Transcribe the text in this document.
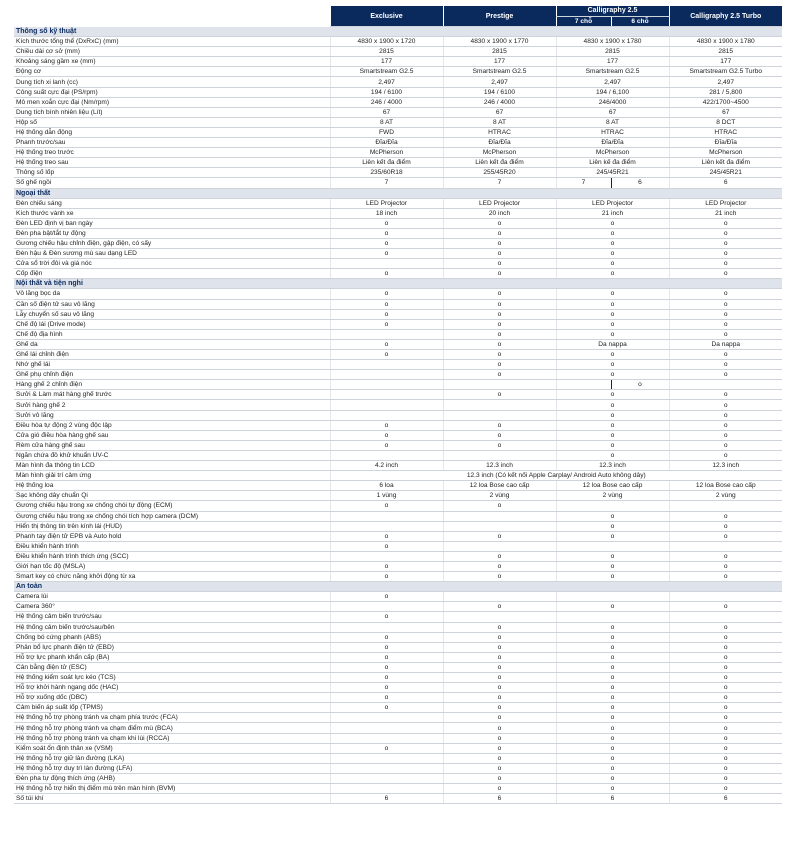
	Exclusive	Prestige	Calligraphy 2.5		Calligraphy 2.5 Turbo
			7 chỗ	6 chỗ	
Thông số kỹ thuật					
Kích thước tổng thể (DxRxC) (mm)	4830 x 1900 x 1720	4830 x 1900 x 1770	4830 x 1900 x 1780		4830 x 1900 x 1780
Chiều dài cơ sở (mm)	2815	2815	2815		2815
Khoảng sáng gầm xe (mm)	177	177	177		177
Động cơ	Smartstream G2.5	Smartstream G2.5	Smartstream G2.5		Smartstream G2.5 Turbo
Dung tích xi lanh (cc)	2,497	2,497	2,497		2,497
Công suất cực đại (PS/rpm)	194 / 6100	194 / 6100	194 / 6,100		281 / 5,800
Mô men xoắn cực đại (Nm/rpm)	246 / 4000	246 / 4000	246/4000		422/1700~4500
Dung tích bình nhiên liệu (Lít)	67	67	67		67
Hộp số	8 AT	8 AT	8 AT		8 DCT
Hệ thống dẫn động	FWD	HTRAC	HTRAC		HTRAC
Phanh trước/sau	Đĩa/Đĩa	Đĩa/Đĩa	Đĩa/Đĩa		Đĩa/Đĩa
Hệ thống treo trước	McPherson	McPherson	McPherson		McPherson
Hệ thống treo sau	Liên kết đa điểm	Liên kết đa điểm	Liên kế đa điểm		Liên kết đa điểm
Thông số lốp	235/60R18	255/45R20	245/45R21		245/45R21
Số ghế ngồi	7	7	7	6	6
Ngoại thất					
Đèn chiếu sáng	LED Projector	LED Projector	LED Projector		LED Projector
Kích thước vành xe	18 inch	20 inch	21 inch		21 inch
Đèn LED định vị ban ngày	o	o	o		o
Đèn pha bật/tắt tự động	o	o	o		o
Gương chiếu hậu chỉnh điện, gập điện, có sấy	o	o	o		o
Đèn hậu & Đèn sương mù sau dạng LED	o	o	o		o
Cửa sổ trời đôi và giá nóc		o	o		o
Cốp điện	o	o	o		o
Nội thất và tiện nghi					
Vô lăng bọc da	o	o	o		o
Cần số điện tử sau vô lăng	o	o	o		o
Lẫy chuyển số sau vô lăng	o	o	o		o
Chế độ lái (Drive mode)	o	o	o		o
Chế độ địa hình		o	o		o
Ghế da	o	o	Da nappa		Da nappa
Ghế lái chỉnh điện	o	o	o		o
Nhớ ghế lái		o	o		o
Ghế phụ chỉnh điện		o	o		o
Hàng ghế 2 chỉnh điện				o	
Sưởi & Làm mát hàng ghế trước		o	o		o
Sưởi hàng ghế 2			o		o
Sưởi vô lăng			o		o
Điều hòa tự động 2 vùng độc lập	o	o	o		o
Cửa gió điều hòa hàng ghế sau	o	o	o		o
Rèm cửa hàng ghế sau	o	o	o		o
Ngăn chứa đồ khử khuẩn UV-C			o		o
Màn hình đa thông tin LCD	4.2 inch	12.3 inch	12.3 inch		12.3 inch
Màn hình giải trí cảm ứng	12.3 inch (Có kết nối Apple Carplay/ Android Auto không dây)				
Hệ thống loa	6 loa	12 loa Bose cao cấp	12 loa Bose cao cấp		12 loa Bose cao cấp
Sạc không dây chuẩn Qi	1 vùng	2 vùng	2 vùng		2 vùng
Gương chiếu hậu trong xe chống chói tự động (ECM)	o	o			
Gương chiếu hậu trong xe chống chói tích hợp camera (DCM)			o		o
Hiển thị thông tin trên kính lái (HUD)			o		o
Phanh tay điện tử EPB và Auto hold	o	o	o		o
Điều khiển hành trình	o				
Điều khiển hành trình thích ứng (SCC)		o	o		o
Giới hạn tốc độ (MSLA)	o	o	o		o
Smart key có chức năng khởi động từ xa	o	o	o		o
An toàn					
Camera lùi	o				
Camera 360°		o	o		o
Hệ thống cảm biến trước/sau	o				
Hệ thống cảm biến trước/sau/bên		o	o		o
Chống bó cứng phanh (ABS)	o	o	o		o
Phân bổ lực phanh điện tử (EBD)	o	o	o		o
Hỗ trợ lực phanh khẩn cấp (BA)	o	o	o		o
Cân bằng điện tử (ESC)	o	o	o		o
Hệ thống kiểm soát lực kéo (TCS)	o	o	o		o
Hỗ trợ khởi hành ngang dốc (HAC)	o	o	o		o
Hỗ trợ xuống dốc (DBC)	o	o	o		o
Cảm biến áp suất lốp (TPMS)	o	o	o		o
Hệ thống hỗ trợ phòng tránh va chạm phía trước (FCA)		o	o		o
Hệ thống hỗ trợ phòng tránh va chạm điểm mù (BCA)		o	o		o
Hệ thống hỗ trợ phòng tránh va chạm khi lùi (RCCA)		o	o		o
Kiểm soát ổn định thân xe (VSM)	o	o	o		o
Hệ thống hỗ trợ giữ làn đường (LKA)		o	o		o
Hệ thống hỗ trợ duy trì làn đường (LFA)		o	o		o
Đèn pha tự động thích ứng (AHB)		o	o		o
Hệ thống hỗ trợ hiển thị điểm mù trên màn hình (BVM)		o	o		o
Số túi khí	6	6	6		6
